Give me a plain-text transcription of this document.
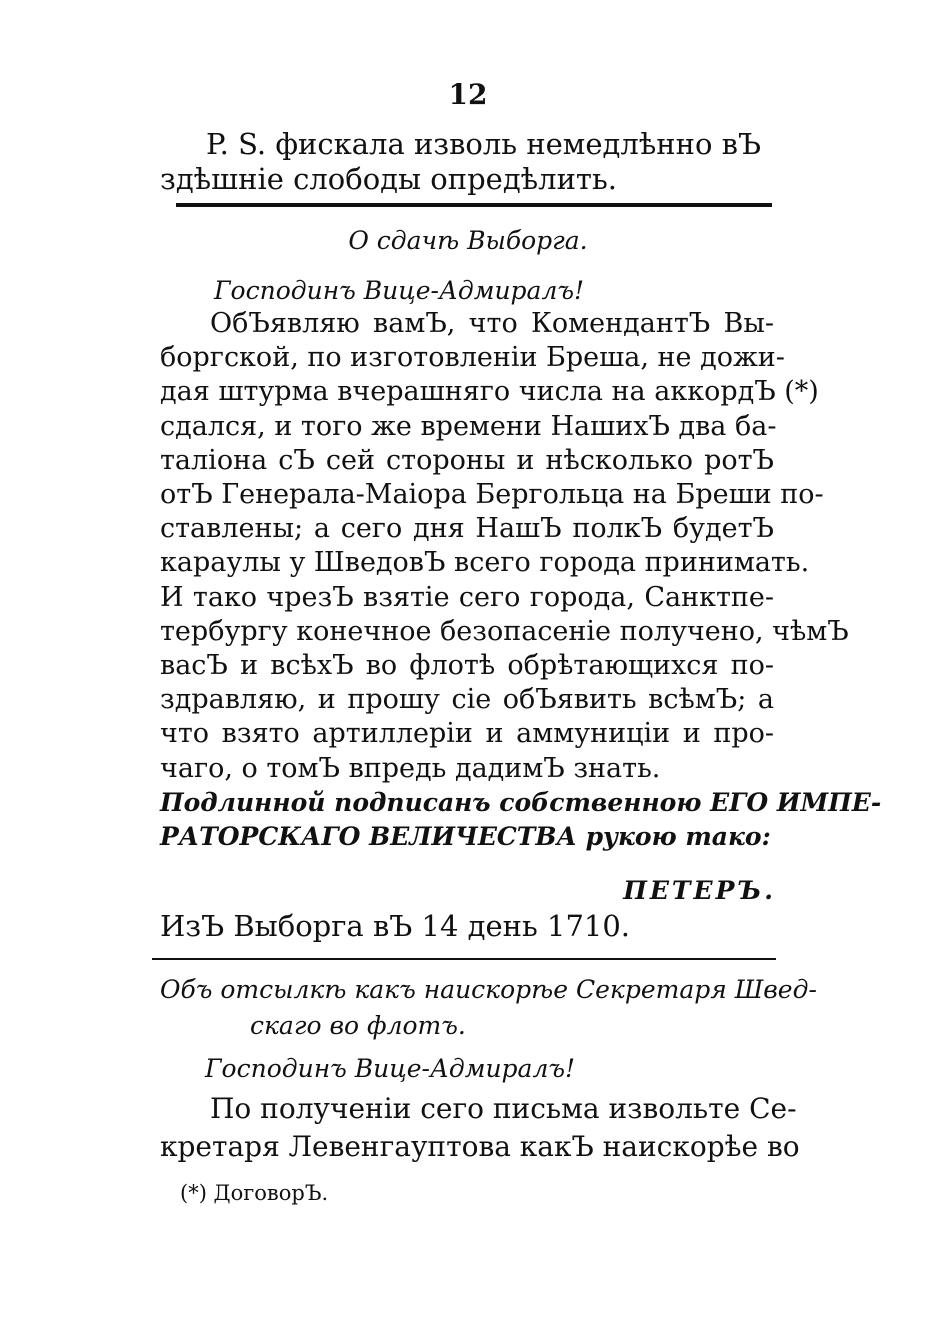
12

P. S. фискала изволь немедлѣнно вЪ

здѣшніе слободы опредѣлить.

О сдачѣ Выборга.

Господинъ Вице-Адмиралъ!

ОбЪявляю вамЪ, что КомендантЪ Вы-
боргской, по изготовленіи Бреша, не дожи-
дая штурма вчерашняго числа на аккордЪ (*)
сдался, и того же времени НашихЪ два ба-
таліона сЪ сей стороны и нѣсколько ротЪ
отЪ Генерала-Маіора Бергольца на Бреши по-
ставлены; а сего дня НашЪ полкЪ будетЪ
караулы у ШведовЪ всего города принимать.
И тако чрезЪ взятіе сего города, Санктпе-
тербургу конечное безопасеніе получено, чѣмЪ
васЪ и всѣхЪ во флотѣ обрѣтающихся по-
здравляю, и прошу сіе обЪявить всѣмЪ; а
что взято артиллеріи и аммуниціи и про-
чаго, о томЪ впредь дадимЪ знать.
Подлинной подписанъ собственною ЕГО ИМПЕ-
РАТОРСКАГО ВЕЛИЧЕСТВА рукою тако:

ПЕТЕРЪ.

ИзЪ Выборга вЪ 14 день 1710.

Объ отсылкѣ какъ наискорѣе Секретаря Швед-
скаго во флотъ.

Господинъ Вице-Адмиралъ!

По полученіи сего письма извольте Се-
кретаря Левенгауптова какЪ наискорѣе во

(*) ДоговорЪ.
